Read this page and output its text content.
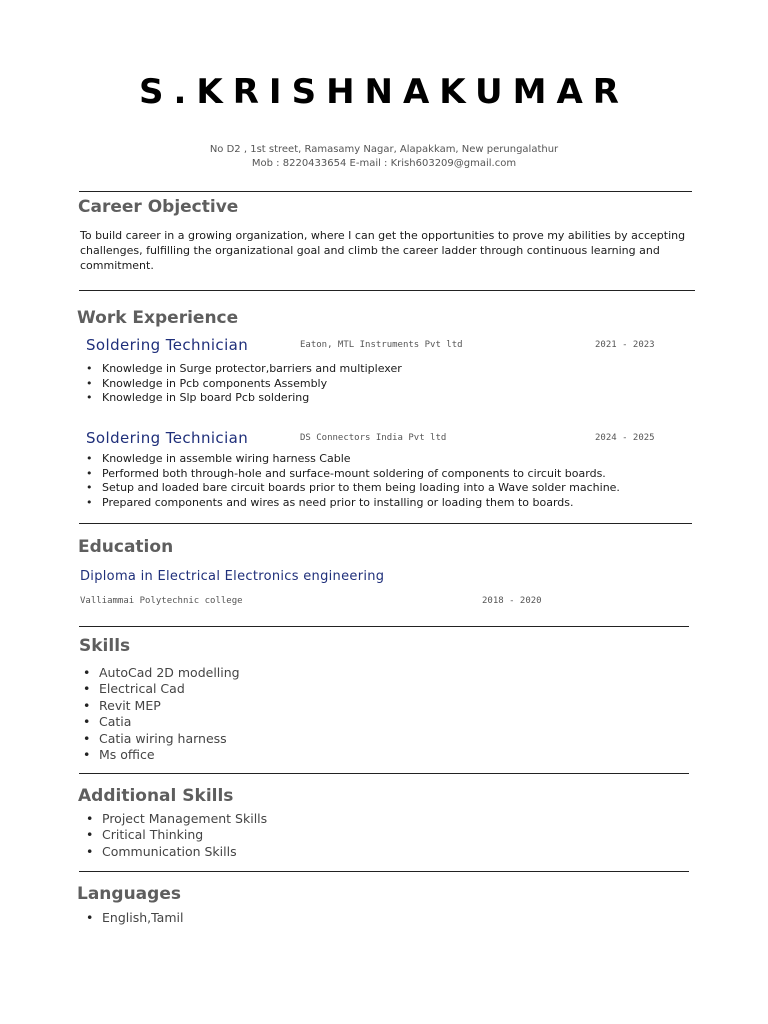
S.KRISHNAKUMAR
No D2 , 1st street, Ramasamy Nagar, Alapakkam, New perungalathur
Mob : 8220433654 E-mail : Krish603209@gmail.com
Career Objective
To build career in a growing organization, where I can get the opportunities to prove my abilities by accepting
challenges, fulfilling the organizational goal and climb the career ladder through continuous learning and
commitment.
Work Experience
Soldering Technician	Eaton, MTL Instruments Pvt ltd	2021 - 2023
• Knowledge in Surge protector,barriers and multiplexer
• Knowledge in Pcb components Assembly
• Knowledge in Slp board Pcb soldering
Soldering Technician	DS Connectors India Pvt ltd	2024 - 2025
• Knowledge in assemble wiring harness Cable
• Performed both through-hole and surface-mount soldering of components to circuit boards.
• Setup and loaded bare circuit boards prior to them being loading into a Wave solder machine.
• Prepared components and wires as need prior to installing or loading them to boards.
Education
Diploma in Electrical Electronics engineering
Valliammai Polytechnic college	2018 - 2020
Skills
• AutoCad 2D modelling
• Electrical Cad
• Revit MEP
• Catia
• Catia wiring harness
• Ms office
Additional Skills
• Project Management Skills
• Critical Thinking
• Communication Skills
Languages
• English,Tamil
